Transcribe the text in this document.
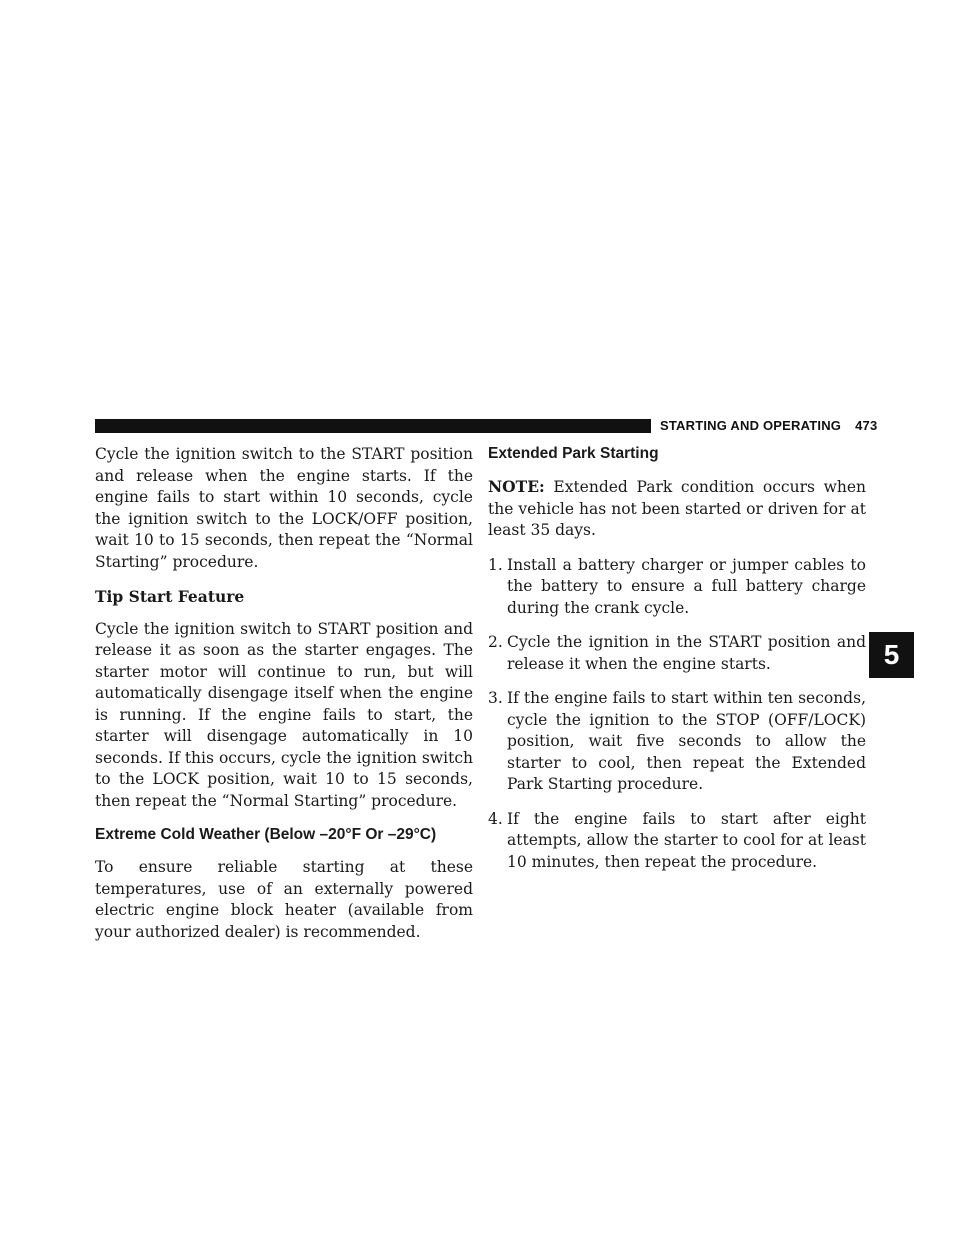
STARTING AND OPERATING 473
5

Cycle the ignition switch to the START position and release when the engine starts. If the engine fails to start within 10 seconds, cycle the ignition switch to the LOCK/OFF position, wait 10 to 15 seconds, then repeat the “Normal Starting” procedure.

Tip Start Feature

Cycle the ignition switch to START position and release it as soon as the starter engages. The starter motor will continue to run, but will automatically disengage itself when the engine is running. If the engine fails to start, the starter will disengage automatically in 10 seconds. If this occurs, cycle the ignition switch to the LOCK position, wait 10 to 15 seconds, then repeat the “Normal Starting” procedure.

Extreme Cold Weather (Below –20°F Or –29°C)

To ensure reliable starting at these temperatures, use of an externally powered electric engine block heater (available from your authorized dealer) is recommended.

Extended Park Starting

NOTE: Extended Park condition occurs when the vehicle has not been started or driven for at least 35 days.

1. Install a battery charger or jumper cables to the battery to ensure a full battery charge during the crank cycle.
2. Cycle the ignition in the START position and release it when the engine starts.
3. If the engine fails to start within ten seconds, cycle the ignition to the STOP (OFF/LOCK) position, wait five seconds to allow the starter to cool, then repeat the Extended Park Starting procedure.
4. If the engine fails to start after eight attempts, allow the starter to cool for at least 10 minutes, then repeat the procedure.
